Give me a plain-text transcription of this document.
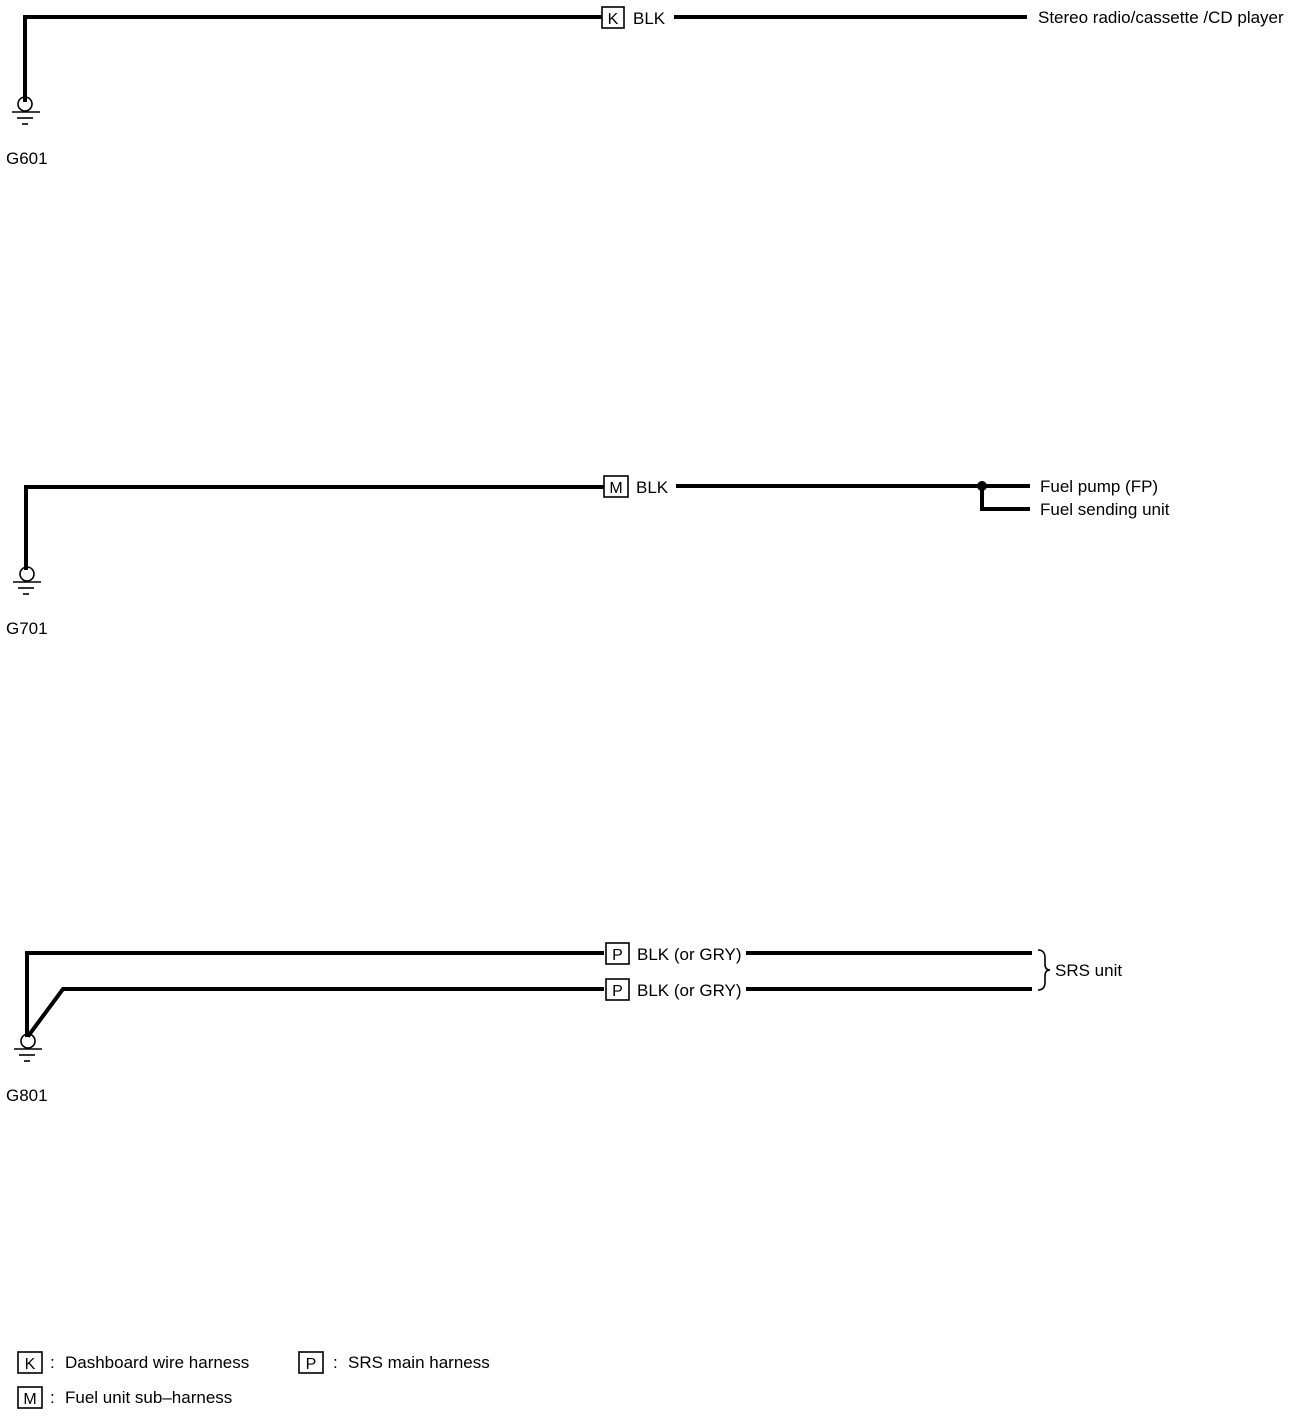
G601
K BLK	Stereo radio/cassette /CD player
G701
M BLK	Fuel pump (FP)
Fuel sending unit
G801
P BLK (or GRY)
P BLK (or GRY)
SRS unit
K : Dashboard wire harness	P : SRS main harness
M : Fuel unit sub–harness
